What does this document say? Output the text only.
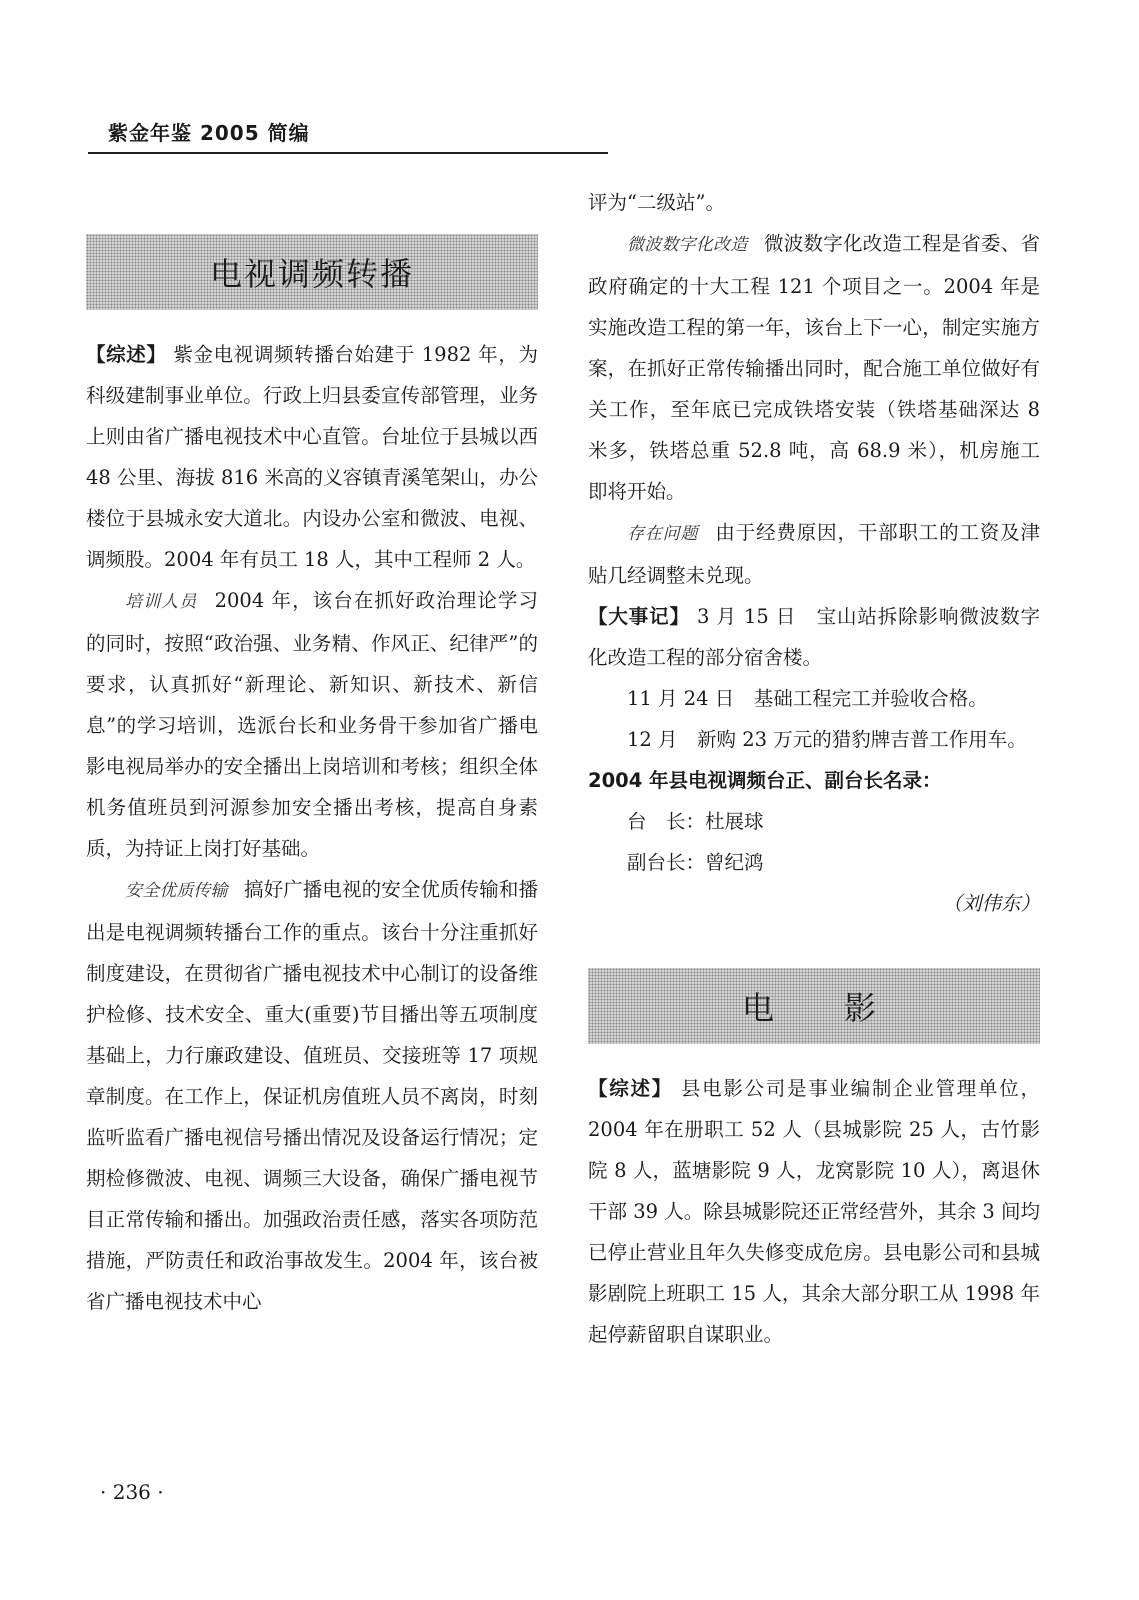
紫金年鉴 2005 简编
电视调频转播

【综述】 紫金电视调频转播台始建于 1982 年，为科级建制事业单位。行政上归县委宣传部管理，业务上则由省广播电视技术中心直管。台址位于县城以西 48 公里、海拔 816 米高的义容镇青溪笔架山，办公楼位于县城永安大道北。内设办公室和微波、电视、调频股。2004 年有员工 18 人，其中工程师 2 人。

培训人员 2004 年，该台在抓好政治理论学习的同时，按照“政治强、业务精、作风正、纪律严”的要求，认真抓好“新理论、新知识、新技术、新信息”的学习培训，选派台长和业务骨干参加省广播电影电视局举办的安全播出上岗培训和考核；组织全体机务值班员到河源参加安全播出考核，提高自身素质，为持证上岗打好基础。

安全优质传输 搞好广播电视的安全优质传输和播出是电视调频转播台工作的重点。该台十分注重抓好制度建设，在贯彻省广播电视技术中心制订的设备维护检修、技术安全、重大(重要)节目播出等五项制度基础上，力行廉政建设、值班员、交接班等 17 项规章制度。在工作上，保证机房值班人员不离岗，时刻监听监看广播电视信号播出情况及设备运行情况；定期检修微波、电视、调频三大设备，确保广播电视节目正常传输和播出。加强政治责任感，落实各项防范措施，严防责任和政治事故发生。2004 年，该台被省广播电视技术中心

评为“二级站”。

微波数字化改造 微波数字化改造工程是省委、省政府确定的十大工程 121 个项目之一。2004 年是实施改造工程的第一年，该台上下一心，制定实施方案，在抓好正常传输播出同时，配合施工单位做好有关工作，至年底已完成铁塔安装（铁塔基础深达 8 米多，铁塔总重 52.8 吨，高 68.9 米），机房施工即将开始。

存在问题 由于经费原因，干部职工的工资及津贴几经调整未兑现。

【大事记】 3 月 15 日　宝山站拆除影响微波数字化改造工程的部分宿舍楼。

11 月 24 日　基础工程完工并验收合格。

12 月　新购 23 万元的猎豹牌吉普工作用车。

2004 年县电视调频台正、副台长名录：

台　长：杜展球

副台长：曾纪鸿

（刘伟东）

电影

【综述】 县电影公司是事业编制企业管理单位，2004 年在册职工 52 人（县城影院 25 人，古竹影院 8 人，蓝塘影院 9 人，龙窝影院 10 人），离退休干部 39 人。除县城影院还正常经营外，其余 3 间均已停止营业且年久失修变成危房。县电影公司和县城影剧院上班职工 15 人，其余大部分职工从 1998 年起停薪留职自谋职业。

· 236 ·
